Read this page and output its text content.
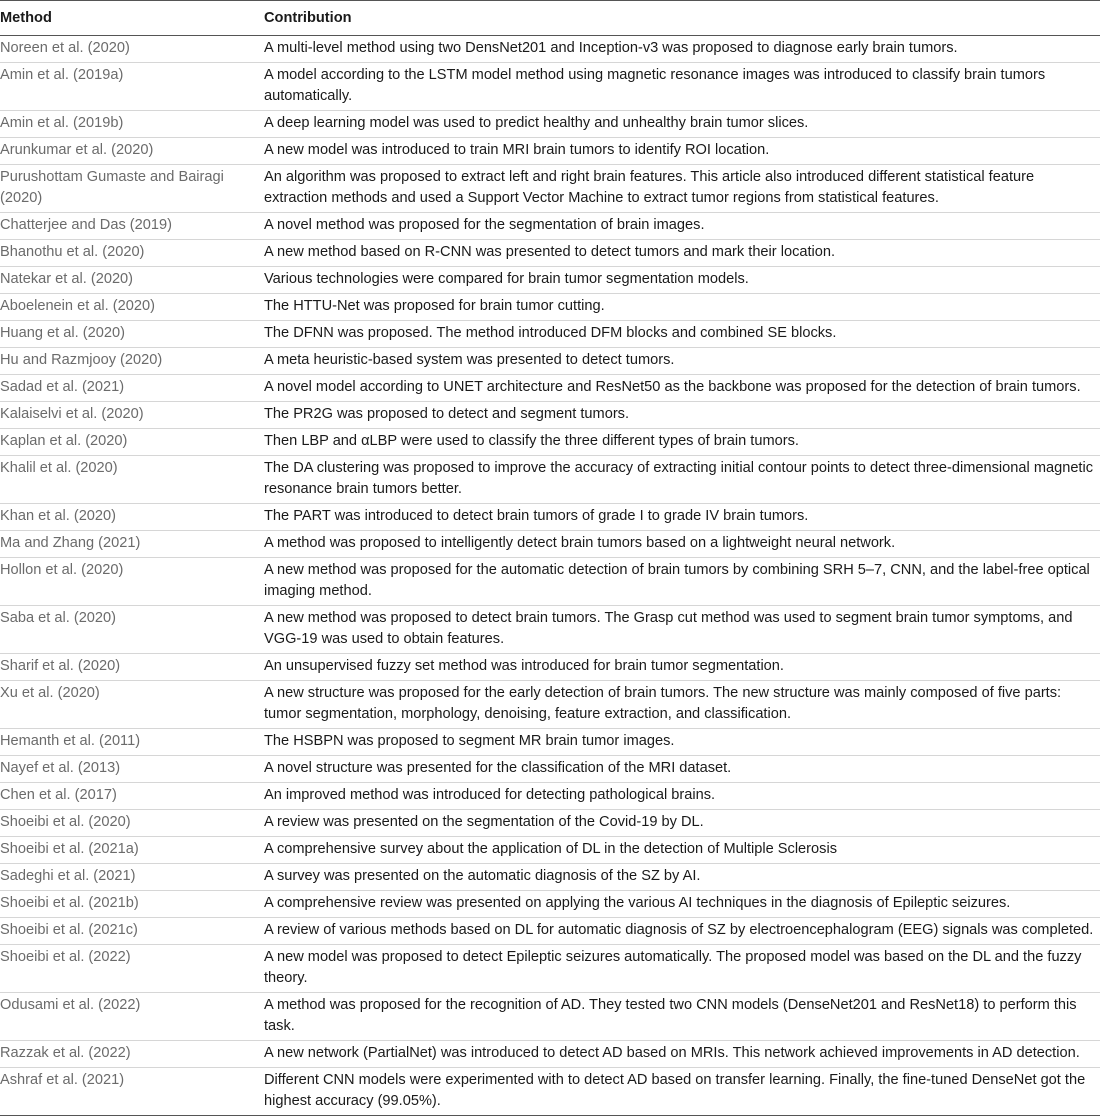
Method	Contribution
Noreen et al. (2020)	A multi-level method using two DensNet201 and Inception-v3 was proposed to diagnose early brain tumors.
Amin et al. (2019a)	A model according to the LSTM model method using magnetic resonance images was introduced to classify brain tumors automatically.
Amin et al. (2019b)	A deep learning model was used to predict healthy and unhealthy brain tumor slices.
Arunkumar et al. (2020)	A new model was introduced to train MRI brain tumors to identify ROI location.
Purushottam Gumaste and Bairagi (2020)	An algorithm was proposed to extract left and right brain features. This article also introduced different statistical feature extraction methods and used a Support Vector Machine to extract tumor regions from statistical features.
Chatterjee and Das (2019)	A novel method was proposed for the segmentation of brain images.
Bhanothu et al. (2020)	A new method based on R-CNN was presented to detect tumors and mark their location.
Natekar et al. (2020)	Various technologies were compared for brain tumor segmentation models.
Aboelenein et al. (2020)	The HTTU-Net was proposed for brain tumor cutting.
Huang et al. (2020)	The DFNN was proposed. The method introduced DFM blocks and combined SE blocks.
Hu and Razmjooy (2020)	A meta heuristic-based system was presented to detect tumors.
Sadad et al. (2021)	A novel model according to UNET architecture and ResNet50 as the backbone was proposed for the detection of brain tumors.
Kalaiselvi et al. (2020)	The PR2G was proposed to detect and segment tumors.
Kaplan et al. (2020)	Then LBP and αLBP were used to classify the three different types of brain tumors.
Khalil et al. (2020)	The DA clustering was proposed to improve the accuracy of extracting initial contour points to detect three-dimensional magnetic resonance brain tumors better.
Khan et al. (2020)	The PART was introduced to detect brain tumors of grade I to grade IV brain tumors.
Ma and Zhang (2021)	A method was proposed to intelligently detect brain tumors based on a lightweight neural network.
Hollon et al. (2020)	A new method was proposed for the automatic detection of brain tumors by combining SRH 5–7, CNN, and the label-free optical imaging method.
Saba et al. (2020)	A new method was proposed to detect brain tumors. The Grasp cut method was used to segment brain tumor symptoms, and VGG-19 was used to obtain features.
Sharif et al. (2020)	An unsupervised fuzzy set method was introduced for brain tumor segmentation.
Xu et al. (2020)	A new structure was proposed for the early detection of brain tumors. The new structure was mainly composed of five parts: tumor segmentation, morphology, denoising, feature extraction, and classification.
Hemanth et al. (2011)	The HSBPN was proposed to segment MR brain tumor images.
Nayef et al. (2013)	A novel structure was presented for the classification of the MRI dataset.
Chen et al. (2017)	An improved method was introduced for detecting pathological brains.
Shoeibi et al. (2020)	A review was presented on the segmentation of the Covid-19 by DL.
Shoeibi et al. (2021a)	A comprehensive survey about the application of DL in the detection of Multiple Sclerosis
Sadeghi et al. (2021)	A survey was presented on the automatic diagnosis of the SZ by AI.
Shoeibi et al. (2021b)	A comprehensive review was presented on applying the various AI techniques in the diagnosis of Epileptic seizures.
Shoeibi et al. (2021c)	A review of various methods based on DL for automatic diagnosis of SZ by electroencephalogram (EEG) signals was completed.
Shoeibi et al. (2022)	A new model was proposed to detect Epileptic seizures automatically. The proposed model was based on the DL and the fuzzy theory.
Odusami et al. (2022)	A method was proposed for the recognition of AD. They tested two CNN models (DenseNet201 and ResNet18) to perform this task.
Razzak et al. (2022)	A new network (PartialNet) was introduced to detect AD based on MRIs. This network achieved improvements in AD detection.
Ashraf et al. (2021)	Different CNN models were experimented with to detect AD based on transfer learning. Finally, the fine-tuned DenseNet got the highest accuracy (99.05%).
